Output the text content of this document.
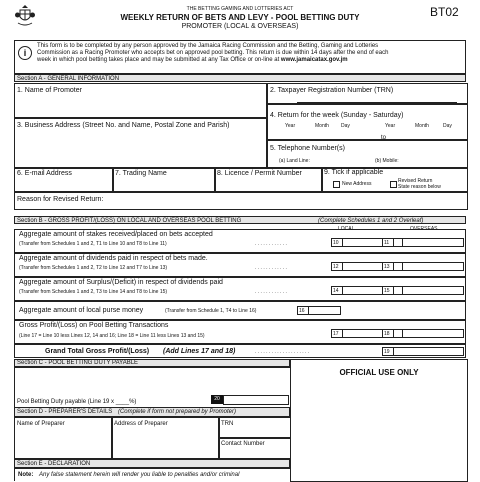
THE BETTING GAMING AND LOTTERIES ACT
WEEKLY RETURN OF BETS AND LEVY - POOL BETTING DUTY
PROMOTER (LOCAL & OVERSEAS)
BT02
i
This form is to be completed by any person approved by the Jamaica Racing Commission and the Betting, Gaming and Lotteries
Commission as a Racing Promoter who accepts bet on approved pool betting. This return is due within 14 days after the end of each
week in which pool betting takes place and may be submitted at any Tax Office or on-line at www.jamaicatax.gov.jm
Section A - GENERAL INFORMATION
1. Name of Promoter	2. Taxpayer Registration Number (TRN)
3. Business Address (Street No. and Name, Postal Zone and Parish)
4. Return for the week (Sunday - Saturday)
Year	Month Day
to
Year	Month	Day
5. Telephone Number(s)
(a) Land Line:	(b) Mobile:
6. E-mail Address	7. Trading Name	8. Licence / Permit Number	9. Tick if applicable
New Address	Revised Return
State reason below
Reason for Revised Return:
Section B - GROSS PROFIT/(LOSS) ON LOCAL AND OVERSEAS POOL BETTING	(Complete Schedules 1 and 2 Overleaf)
LOCAL	OVERSEAS
Aggregate amount of stakes received/placed on bets accepted
(Transfer from Schedules 1 and 2, T1 to Line 10 and T8 to Line 11)	. . . . . . . . . . . .	10	11
Aggregate amount of dividends paid in respect of bets made.
(Transfer from Schedules 1 and 2, T2 to Line 12 and T7 to Line 13)	. . . . . . . . . . . .	12	13
Aggregate amount of Surplus/(Deficit) in respect of dividends paid
(Transfer from Schedules 1 and 2, T3 to Line 14 and T8 to Line 15)	. . . . . . . . . . . .	14	15
Aggregate amount of local purse money	(Transfer from Schedule 1, T4 to Line 16)	16
Gross Profit/(Loss) on Pool Betting Transactions
(Line 17 = Line 10 less Lines 12, 14 and 16; Line 18 = Line 11 less Lines 13 and 15)	17	18
Grand Total Gross Profit/(Loss) (Add Lines 17 and 18)	. . . . . . . . . . . . . . . . . . . .	19
Section C - POOL BETTING DUTY PAYABLE
Pool Betting Duty payable (Line 19 x ____%)	20
OFFICIAL USE ONLY
Section D - PREPARER'S DETAILS (Complete if form not prepared by Promoter)
Name of Preparer	Address of Preparer	TRN
Contact Number
Section E - DECLARATION
Note: Any false statement herein will render you liable to penalties and/or criminal
